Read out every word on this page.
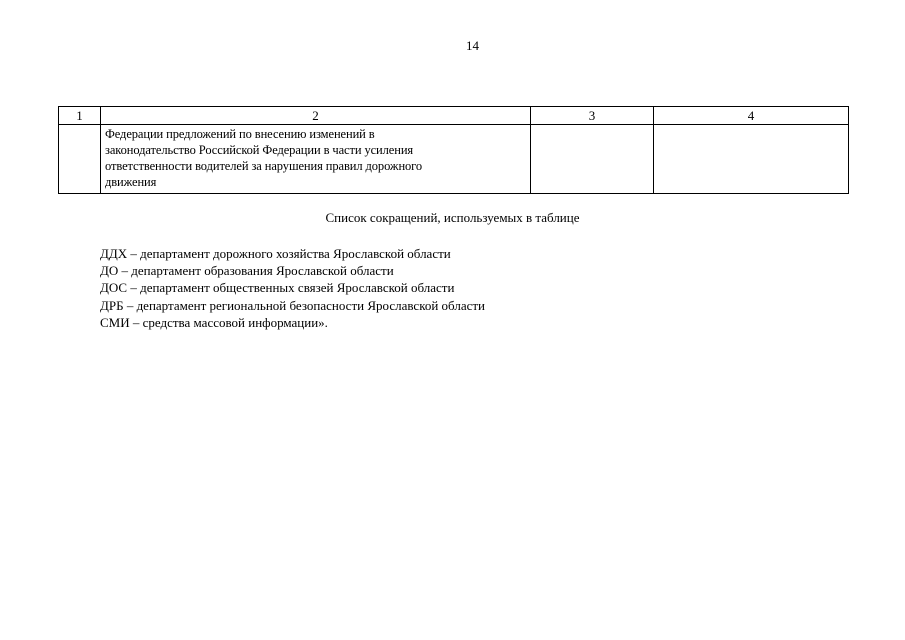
14
1	2	3	4

	Федерации предложений по внесению изменений в
законодательство Российской Федерации в части усиления
ответственности водителей за нарушения правил дорожного
движения		

Список сокращений, используемых в таблице
ДДХ – департамент дорожного хозяйства Ярославской области
ДО – департамент образования Ярославской области
ДОС – департамент общественных связей Ярославской области
ДРБ – департамент региональной безопасности Ярославской области
СМИ – средства массовой информации».
